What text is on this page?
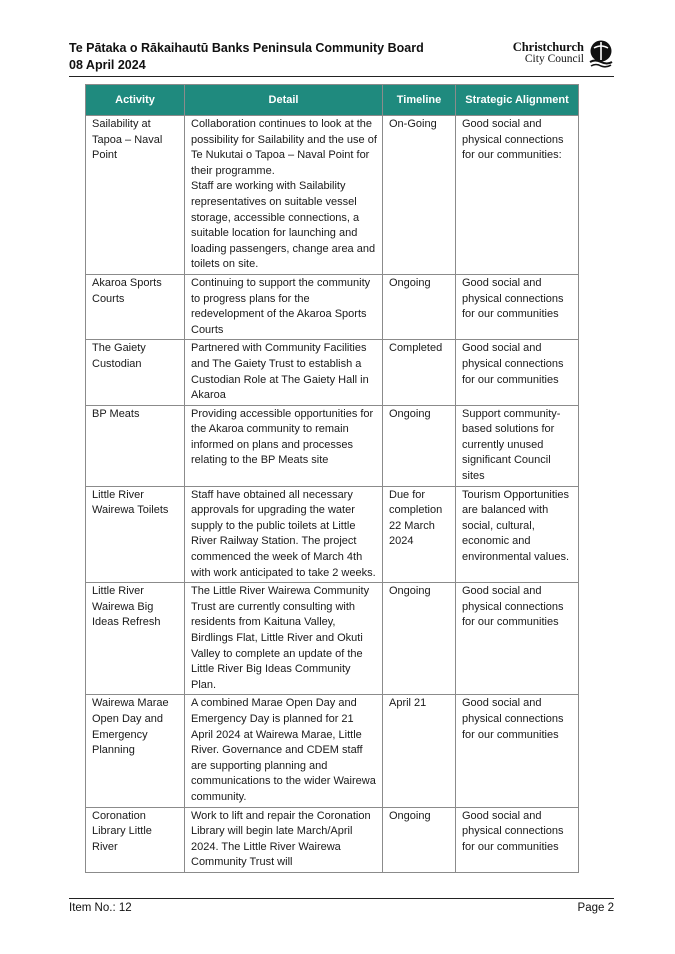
Te Pātaka o Rākaihautū Banks Peninsula Community Board
08 April 2024
Christchurch
City Council
Activity	Detail	Timeline	Strategic Alignment
Sailability at Tapoa – Naval Point	Collaboration continues to look at the possibility for Sailability and the use of Te Nukutai o Tapoa – Naval Point for their programme.
Staff are working with Sailability representatives on suitable vessel storage, accessible connections, a suitable location for launching and loading passengers, change area and toilets on site.	On-Going	Good social and physical connections for our communities:
Akaroa Sports Courts	Continuing to support the community to progress plans for the redevelopment of the Akaroa Sports Courts	Ongoing	Good social and physical connections for our communities
The Gaiety Custodian	Partnered with Community Facilities and The Gaiety Trust to establish a Custodian Role at The Gaiety Hall in Akaroa	Completed	Good social and physical connections for our communities
BP Meats	Providing accessible opportunities for the Akaroa community to remain informed on plans and processes relating to the BP Meats site	Ongoing	Support community-based solutions for currently unused significant Council sites
Little River Wairewa Toilets	Staff have obtained all necessary approvals for upgrading the water supply to the public toilets at Little River Railway Station. The project commenced the week of March 4th with work anticipated to take 2 weeks.	Due for completion 22 March 2024	Tourism Opportunities are balanced with social, cultural, economic and environmental values.
Little River Wairewa Big Ideas Refresh	The Little River Wairewa Community Trust are currently consulting with residents from Kaituna Valley, Birdlings Flat, Little River and Okuti Valley to complete an update of the Little River Big Ideas Community Plan.	Ongoing	Good social and physical connections for our communities
Wairewa Marae Open Day and Emergency Planning	A combined Marae Open Day and Emergency Day is planned for 21 April 2024 at Wairewa Marae, Little River. Governance and CDEM staff are supporting planning and communications to the wider Wairewa community.	April 21	Good social and physical connections for our communities
Coronation Library Little River	Work to lift and repair the Coronation Library will begin late March/April 2024. The Little River Wairewa Community Trust will	Ongoing	Good social and physical connections for our communities
Item No.: 12	Page 2
